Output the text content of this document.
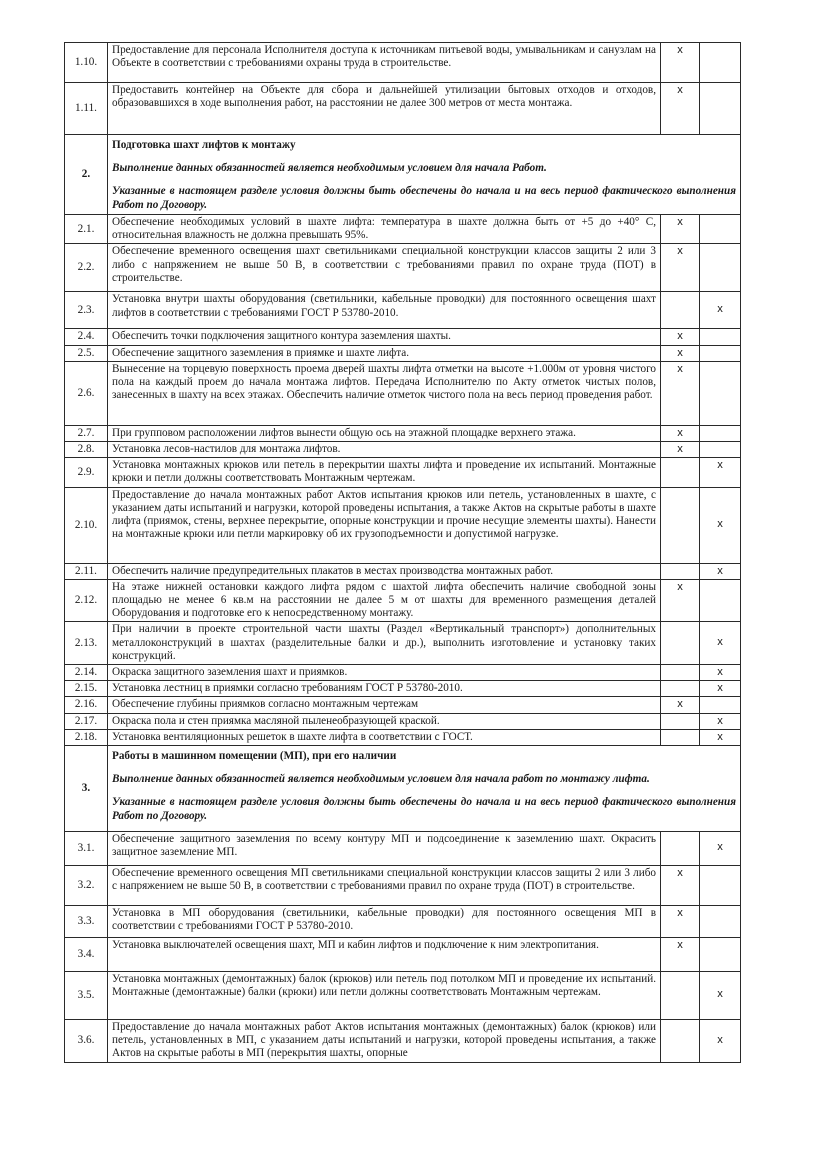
1.10.	Предоставление для персонала Исполнителя доступа к источникам питьевой воды, умывальникам и санузлам на Объекте в соответствии с требованиями охраны труда в строительстве.	x	
1.11.	Предоставить контейнер на Объекте для сбора и дальнейшей утилизации бытовых отходов и отходов, образовавшихся в ходе выполнения работ, на расстоянии не далее 300 метров от места монтажа.	x	
2.	Подготовка шахт лифтов к монтажу
Выполнение данных обязанностей является необходимым условием для начала Работ.
Указанные в настоящем разделе условия должны быть обеспечены до начала и на весь период фактического выполнения Работ по Договору.		

2.1.	Обеспечение необходимых условий в шахте лифта: температура в шахте должна быть от +5 до +40° С, относительная влажность не должна превышать 95%.	x	
2.2.	Обеспечение временного освещения шахт светильниками специальной конструкции классов защиты 2 или 3 либо с напряжением не выше 50 В, в соответствии с требованиями правил по охране труда (ПОТ) в строительстве.	x	
2.3.	Установка внутри шахты оборудования (светильники, кабельные проводки) для постоянного освещения шахт лифтов в соответствии с требованиями ГОСТ Р 53780-2010.		x
2.4.	Обеспечить точки подключения защитного контура заземления шахты.	x	
2.5.	Обеспечение защитного заземления в приямке и шахте лифта.	x	
2.6.	Вынесение на торцевую поверхность проема дверей шахты лифта отметки на высоте +1.000м от уровня чистого пола на каждый проем до начала монтажа лифтов. Передача Исполнителю по Акту отметок чистых полов, занесенных в шахту на всех этажах. Обеспечить наличие отметок чистого пола на весь период проведения работ.	x	
2.7.	При групповом расположении лифтов вынести общую ось на этажной площадке верхнего этажа.	x	
2.8.	Установка лесов-настилов для монтажа лифтов.	x	
2.9.	Установка монтажных крюков или петель в перекрытии шахты лифта и проведение их испытаний. Монтажные крюки и петли должны соответствовать Монтажным чертежам.		x
2.10.	Предоставление до начала монтажных работ Актов испытания крюков или петель, установленных в шахте, с указанием даты испытаний и нагрузки, которой проведены испытания, а также Актов на скрытые работы в шахте лифта (приямок, стены, верхнее перекрытие, опорные конструкции и прочие несущие элементы шахты). Нанести на монтажные крюки или петли маркировку об их грузоподъемности и допустимой нагрузке.		x
2.11.	Обеспечить наличие предупредительных плакатов в местах производства монтажных работ.		x
2.12.	На этаже нижней остановки каждого лифта рядом с шахтой лифта обеспечить наличие свободной зоны площадью не менее 6 кв.м на расстоянии не далее 5 м от шахты для временного размещения деталей Оборудования и подготовке его к непосредственному монтажу.	x	
2.13.	При наличии в проекте строительной части шахты (Раздел «Вертикальный транспорт») дополнительных металлоконструкций в шахтах (разделительные балки и др.), выполнить изготовление и установку таких конструкций.		x
2.14.	Окраска защитного заземления шахт и приямков.		x
2.15.	Установка лестниц в приямки согласно требованиям ГОСТ Р 53780-2010.		x
2.16.	Обеспечение глубины приямков согласно монтажным чертежам	x	
2.17.	Окраска пола и стен приямка масляной пыленеобразующей краской.		x
2.18.	Установка вентиляционных решеток в шахте лифта в соответствии с ГОСТ.		x
3.	Работы в машинном помещении (МП), при его наличии
Выполнение данных обязанностей является необходимым условием для начала работ по монтажу лифта.
Указанные в настоящем разделе условия должны быть обеспечены до начала и на весь период фактического выполнения Работ по Договору.		

3.1.	Обеспечение защитного заземления по всему контуру МП и подсоединение к заземлению шахт. Окрасить защитное заземление МП.		x
3.2.	Обеспечение временного освещения МП светильниками специальной конструкции классов защиты 2 или 3 либо с напряжением не выше 50 В, в соответствии с требованиями правил по охране труда (ПОТ) в строительстве.	x	
3.3.	Установка в МП оборудования (светильники, кабельные проводки) для постоянного освещения МП в соответствии с требованиями ГОСТ Р 53780-2010.	x	
3.4.	Установка выключателей освещения шахт, МП и кабин лифтов и подключение к ним электропитания.	x	
3.5.	Установка монтажных (демонтажных) балок (крюков) или петель под потолком МП и проведение их испытаний. Монтажные (демонтажные) балки (крюки) или петли должны соответствовать Монтажным чертежам.		x
3.6.	Предоставление до начала монтажных работ Актов испытания монтажных (демонтажных) балок (крюков) или петель, установленных в МП, с указанием даты испытаний и нагрузки, которой проведены испытания, а также Актов на скрытые работы в МП (перекрытия шахты, опорные		x
